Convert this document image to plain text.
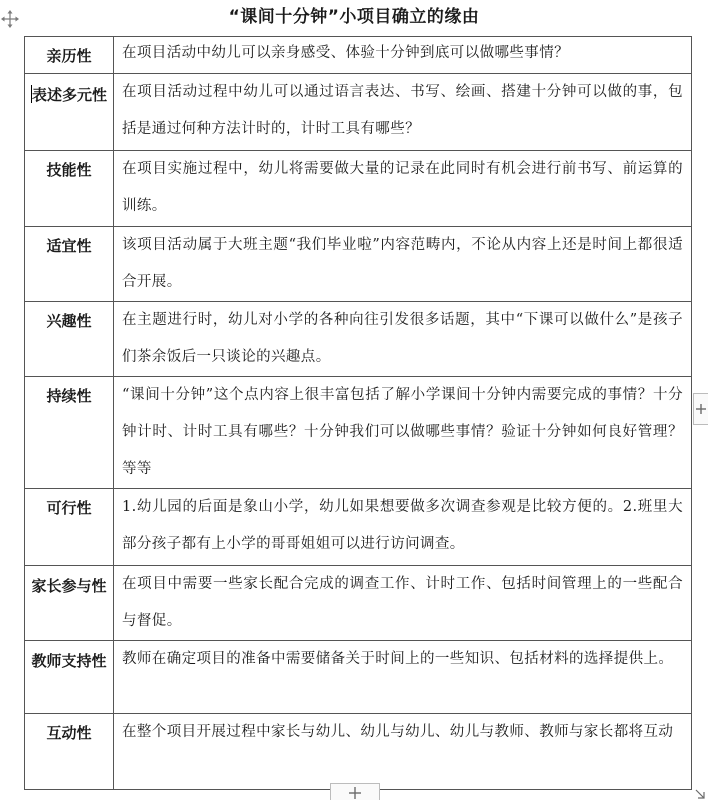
“课间十分钟”小项目确立的缘由
亲历性	在项目活动中幼儿可以亲身感受、体验十分钟到底可以做哪些事情？
表述多元性	在项目活动过程中幼儿可以通过语言表达、书写、绘画、搭建十分钟可以做的事，包括是通过何种方法计时的，计时工具有哪些？
技能性	在项目实施过程中，幼儿将需要做大量的记录在此同时有机会进行前书写、前运算的训练。
适宜性	该项目活动属于大班主题“我们毕业啦”内容范畴内，不论从内容上还是时间上都很适合开展。
兴趣性	在主题进行时，幼儿对小学的各种向往引发很多话题，其中“下课可以做什么”是孩子们茶余饭后一只谈论的兴趣点。
持续性	“课间十分钟”这个点内容上很丰富包括了解小学课间十分钟内需要完成的事情？十分钟计时、计时工具有哪些？十分钟我们可以做哪些事情？验证十分钟如何良好管理？等等
可行性	1.幼儿园的后面是象山小学，幼儿如果想要做多次调查参观是比较方便的。2.班里大部分孩子都有上小学的哥哥姐姐可以进行访问调查。
家长参与性	在项目中需要一些家长配合完成的调查工作、计时工作、包括时间管理上的一些配合与督促。
教师支持性	教师在确定项目的准备中需要储备关于时间上的一些知识、包括材料的选择提供上。
互动性	在整个项目开展过程中家长与幼儿、幼儿与幼儿、幼儿与教师、教师与家长都将互动
